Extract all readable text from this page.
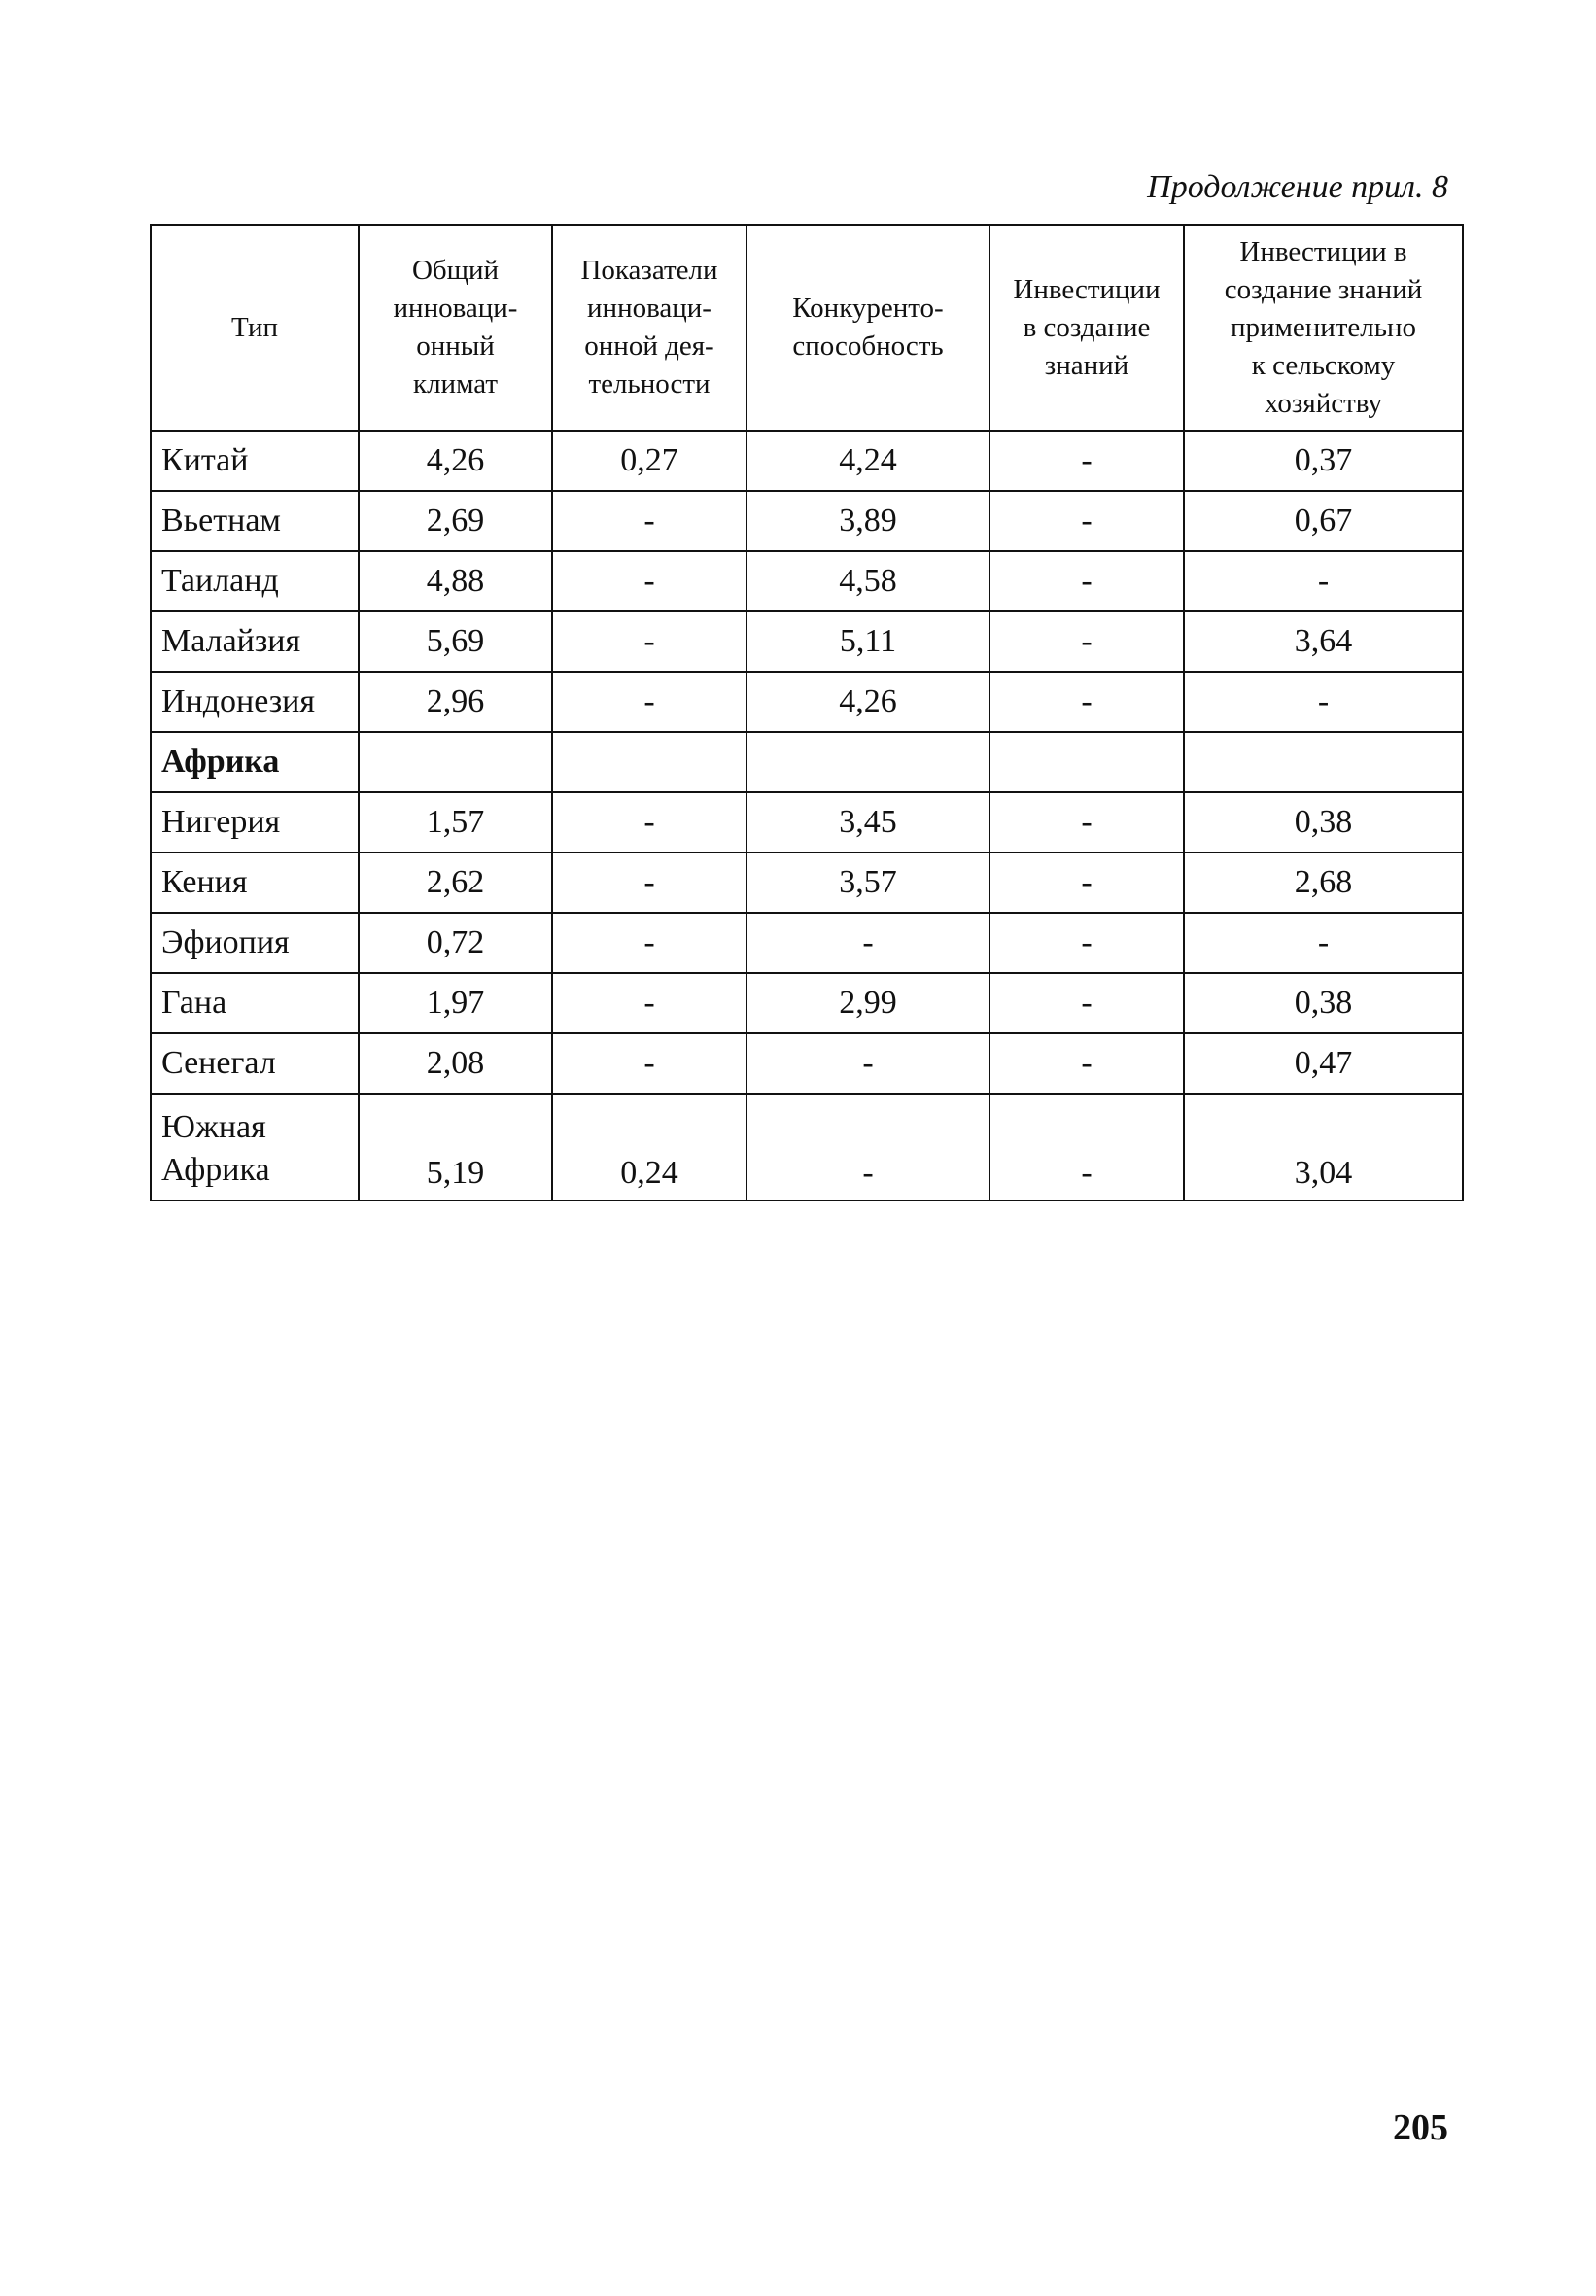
Продолжение прил. 8
Тип	Общий
инноваци-
онный
климат	Показатели
инноваци-
онной дея-
тельности	Конкуренто-
способность	Инвестиции
в создание
знаний	Инвестиции в
создание знаний
применительно
к сельскому
хозяйству
Китай	4,26	0,27	4,24	-	0,37
Вьетнам	2,69	-	3,89	-	0,67
Таиланд	4,88	-	4,58	-	-
Малайзия	5,69	-	5,11	-	3,64
Индонезия	2,96	-	4,26	-	-
Африка					
Нигерия	1,57	-	3,45	-	0,38
Кения	2,62	-	3,57	-	2,68
Эфиопия	0,72	-	-	-	-
Гана	1,97	-	2,99	-	0,38
Сенегал	2,08	-	-	-	0,47
Южная
Африка	5,19	0,24	-	-	3,04
205
